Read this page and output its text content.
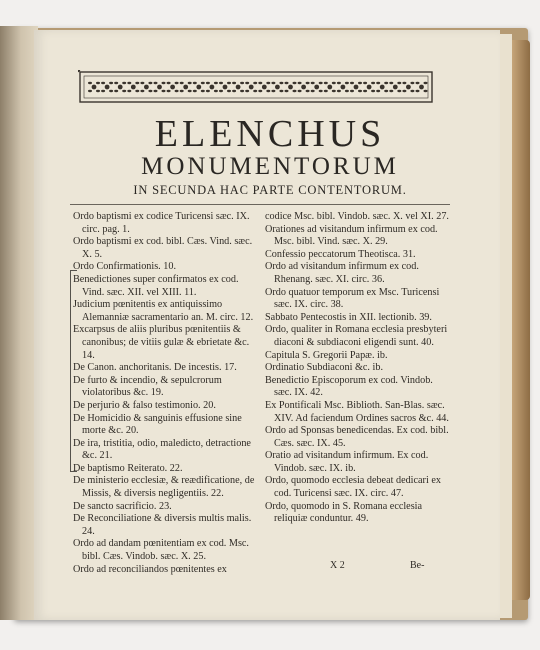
ELENCHUS
MONUMENTORUM
IN SECUNDA HAC PARTE CONTENTORUM.

Ordo baptismi ex codice Turicensi sæc. IX. circ. pag. 1.

Ordo baptismi ex cod. bibl. Cæs. Vind. sæc. X. 5.

Ordo Confirmationis. 10.

Benedictiones super confirmatos ex cod. Vind. sæc. XII. vel XIII. 11.

Judicium pœnitentis ex antiquissimo Alemanniæ sacramentario an. M. circ. 12.

Excarpsus de aliis pluribus pœnitentiis & canonibus; de vitiis gulæ & ebrietate &c. 14.

De Canon. anchoritanis. De incestis. 17.

De furto & incendio, & sepulcrorum violatoribus &c. 19.

De perjurio & falso testimonio. 20.

De Homicidio & sanguinis effusione sine morte &c. 20.

De ira, tristitia, odio, maledicto, detractione &c. 21.

De baptismo Reiterato. 22.

De ministerio ecclesiæ, & reædificatione, de Missis, & diversis negligentiis. 22.

De sancto sacrificio. 23.

De Reconciliatione & diversis multis malis. 24.

Ordo ad dandam pœnitentiam ex cod. Msc. bibl. Cæs. Vindob. sæc. X. 25.

Ordo ad reconciliandos pœnitentes ex

codice Msc. bibl. Vindob. sæc. X. vel XI. 27.

Orationes ad visitandum infirmum ex cod. Msc. bibl. Vind. sæc. X. 29.

Confessio peccatorum Theotisca. 31.

Ordo ad visitandum infirmum ex cod. Rhenang. sæc. XI. circ. 36.

Ordo quatuor temporum ex Msc. Turicensi sæc. IX. circ. 38.

Sabbato Pentecostis in XII. lectionib. 39.

Ordo, qualiter in Romana ecclesia presbyteri diaconi & subdiaconi eligendi sunt. 40.

Capitula S. Gregorii Papæ. ib.

Ordinatio Subdiaconi &c. ib.

Benedictio Episcoporum ex cod. Vindob. sæc. IX. 42.

Ex Pontificali Msc. Biblioth. San-Blas. sæc. XIV. Ad faciendum Ordines sacros &c. 44.

Ordo ad Sponsas benedicendas. Ex cod. bibl. Cæs. sæc. IX. 45.

Oratio ad visitandum infirmum. Ex cod. Vindob. sæc. IX. ib.

Ordo, quomodo ecclesia debeat dedicari ex cod. Turicensi sæc. IX. circ. 47.

Ordo, quomodo in S. Romana ecclesia reliquiæ conduntur. 49.

X 2	Be-
